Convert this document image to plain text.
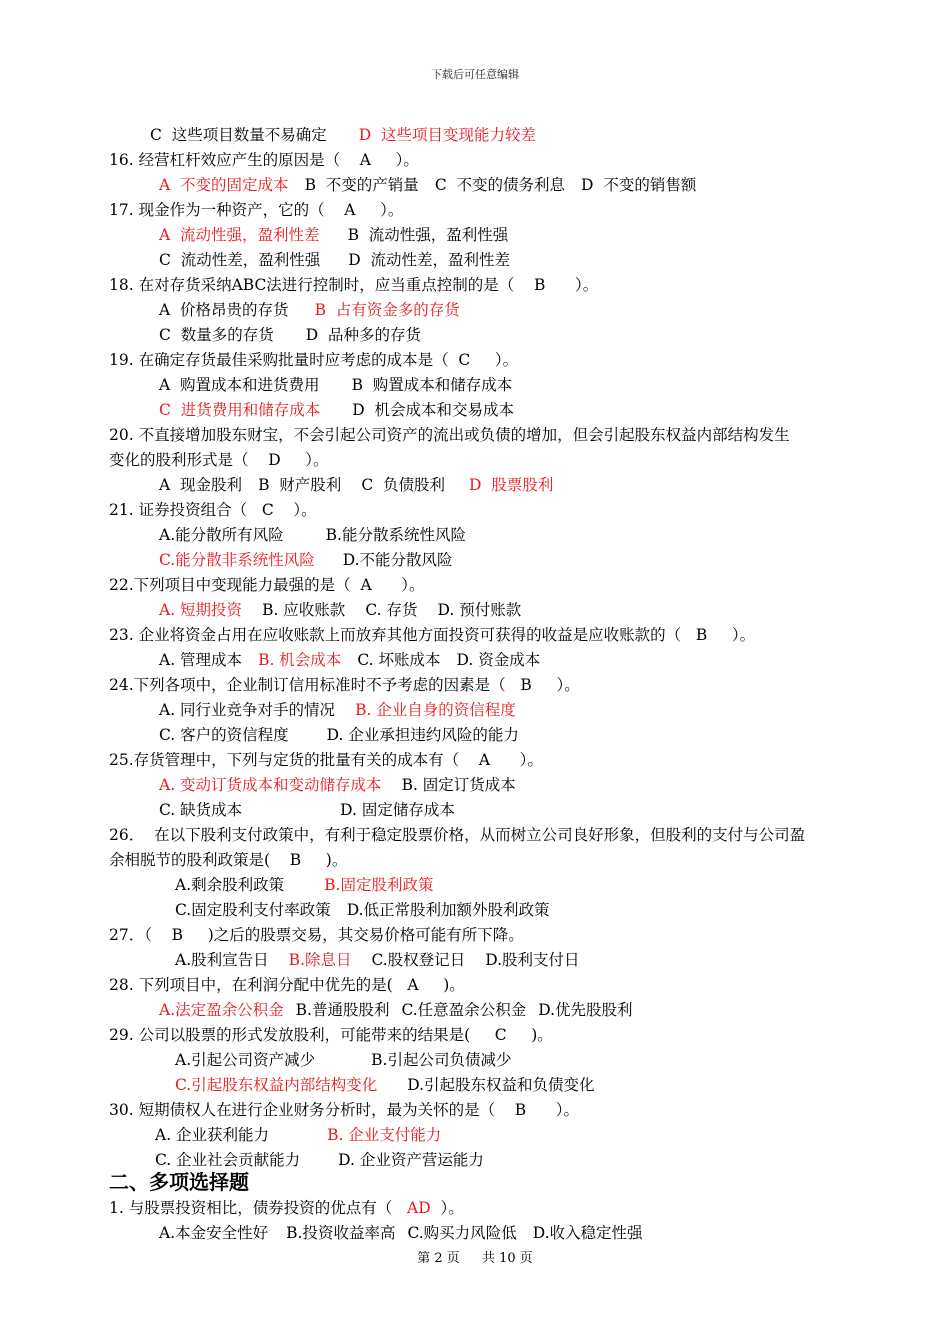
下载后可任意编辑
C  这些项目数量不易确定 D  这些项目变现能力较差
16. 经营杠杆效应产生的原因是（    A     ）。
A  不变的固定成本 B  不变的产销量 C  不变的债务利息 D  不变的销售额
17. 现金作为一种资产，它的（    A     ）。
A  流动性强，盈利性差 B  流动性强，盈利性强
C  流动性差，盈利性强 D  流动性差，盈利性差
18. 在对存货采纳ABC法进行控制时，应当重点控制的是（    B      ）。
A  价格昂贵的存货 B  占有资金多的存货
C  数量多的存货 D  品种多的存货
19. 在确定存货最佳采购批量时应考虑的成本是（  C     ）。
A  购置成本和进货费用 B  购置成本和储存成本
C  进货费用和储存成本 D  机会成本和交易成本
20. 不直接增加股东财宝，不会引起公司资产的流出或负债的增加，但会引起股东权益内部结构发生
变化的股利形式是（    D     ）。
A  现金股利 B  财产股利 C  负债股利 D  股票股利
21. 证券投资组合（   C    ）。
A.能分散所有风险	B.能分散系统性风险
C.能分散非系统性风险 D.不能分散风险
22.下列项目中变现能力最强的是（  A      ）。
A. 短期投资 B. 应收账款 C. 存货 D. 预付账款
23. 企业将资金占用在应收账款上而放弃其他方面投资可获得的收益是应收账款的（   B     ）。
A. 管理成本 B. 机会成本 C. 坏账成本 D. 资金成本
24.下列各项中，企业制订信用标准时不予考虑的因素是（   B     ）。
A. 同行业竞争对手的情况 B. 企业自身的资信程度
C. 客户的资信程度 D. 企业承担违约风险的能力
25.存货管理中，下列与定货的批量有关的成本有（    A      ）。
A. 变动订货成本和变动储存成本 B. 固定订货成本
C. 缺货成本	D. 固定储存成本
26．  在以下股利支付政策中，有利于稳定股票价格，从而树立公司良好形象，但股利的支付与公司盈
余相脱节的股利政策是(    B     )。
A.剩余股利政策	B.固定股利政策
C.固定股利支付率政策 D.低正常股利加额外股利政策
27．（    B     )之后的股票交易，其交易价格可能有所下降。
A.股利宣告日 B.除息日 C.股权登记日 D.股利支付日
28. 下列项目中，在利润分配中优先的是(   A     )。
A.法定盈余公积金 B.普通股股利 C.任意盈余公积金 D.优先股股利
29. 公司以股票的形式发放股利，可能带来的结果是(     C     )。
A.引起公司资产减少	B.引起公司负债减少
C.引起股东权益内部结构变化 D.引起股东权益和负债变化
30. 短期债权人在进行企业财务分析时，最为关怀的是（    B      ）。
A. 企业获利能力	B. 企业支付能力
C. 企业社会贡献能力 D. 企业资产营运能力
1. 与股票投资相比，债券投资的优点有（   AD  ）。
A.本金安全性好 B.投资收益率高 C.购买力风险低 D.收入稳定性强
二、多项选择题
第 2 页 共 10 页
